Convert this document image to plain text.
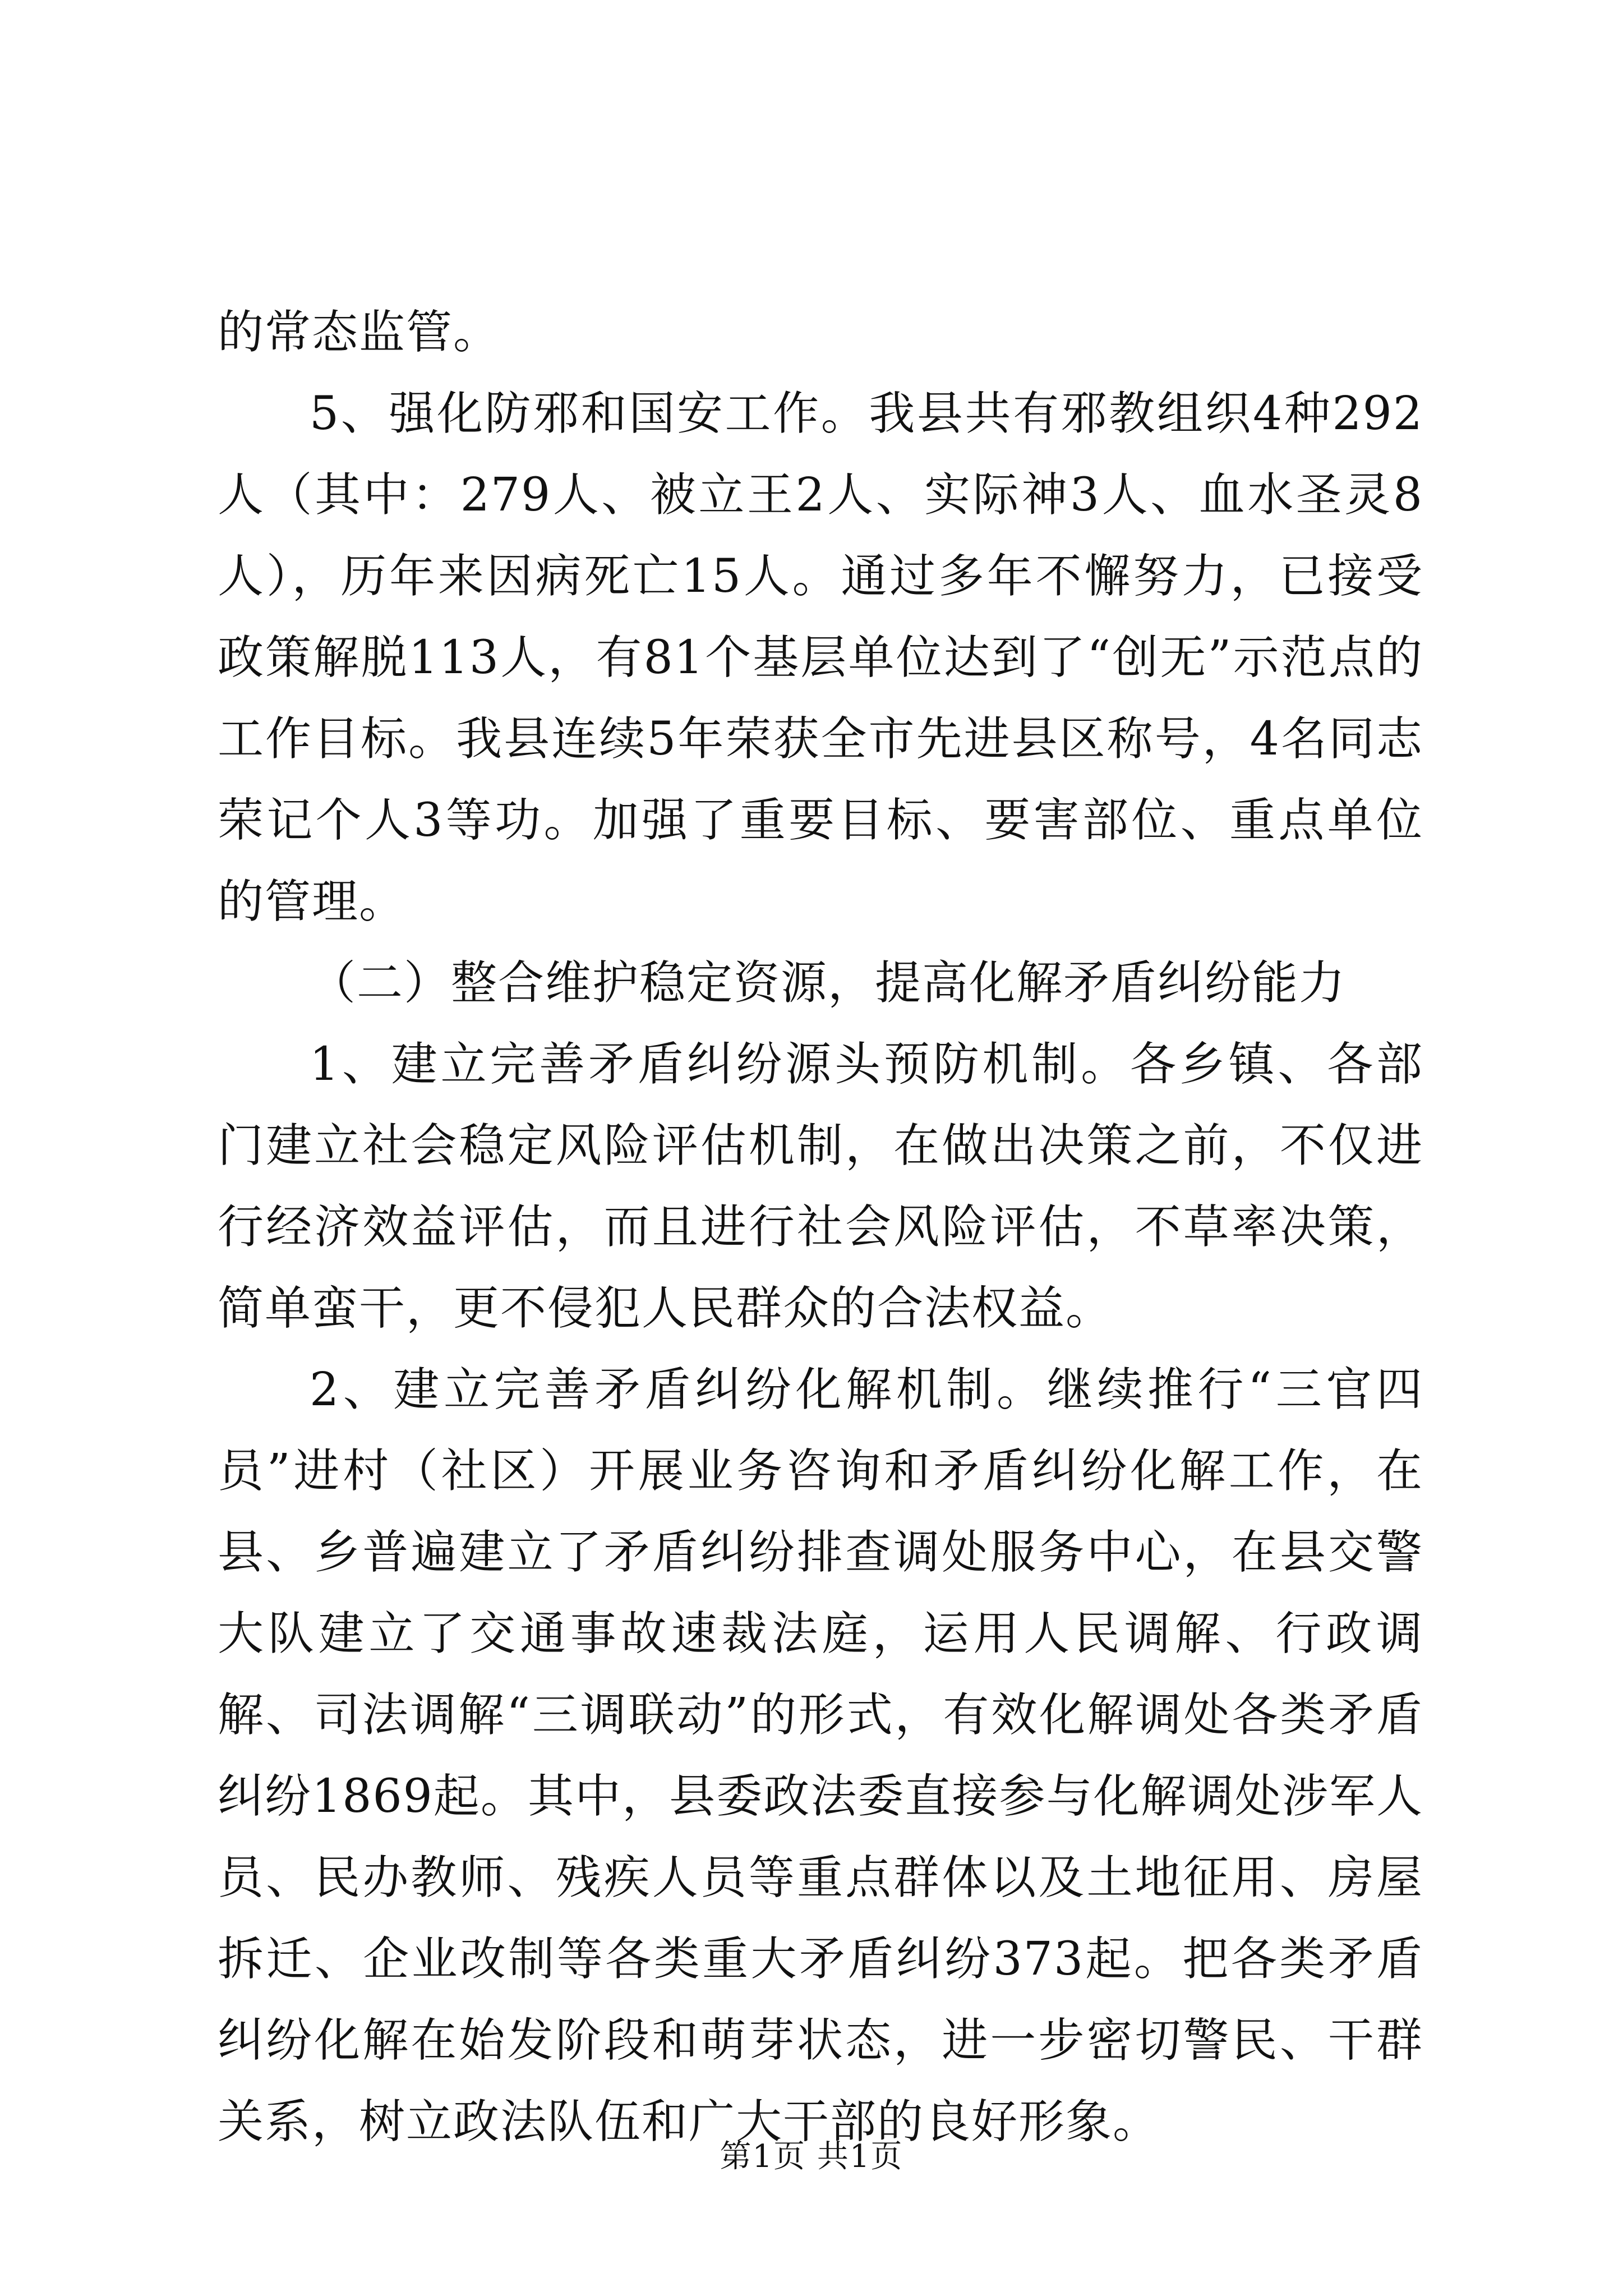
的常态监管。

5、强化防邪和国安工作。我县共有邪教组织4种292人（其中：279人、被立王2人、实际神3人、血水圣灵8人），历年来因病死亡15人。通过多年不懈努力，已接受政策解脱113人，有81个基层单位达到了“创无”示范点的工作目标。我县连续5年荣获全市先进县区称号，4名同志荣记个人3等功。加强了重要目标、要害部位、重点单位的管理。

（二）整合维护稳定资源，提高化解矛盾纠纷能力

1、建立完善矛盾纠纷源头预防机制。各乡镇、各部门建立社会稳定风险评估机制，在做出决策之前，不仅进行经济效益评估，而且进行社会风险评估，不草率决策，简单蛮干，更不侵犯人民群众的合法权益。

2、建立完善矛盾纠纷化解机制。继续推行“三官四员”进村（社区）开展业务咨询和矛盾纠纷化解工作，在县、乡普遍建立了矛盾纠纷排查调处服务中心，在县交警大队建立了交通事故速裁法庭，运用人民调解、行政调解、司法调解“三调联动”的形式，有效化解调处各类矛盾纠纷1869起。其中，县委政法委直接参与化解调处涉军人员、民办教师、残疾人员等重点群体以及土地征用、房屋拆迁、企业改制等各类重大矛盾纠纷373起。把各类矛盾纠纷化解在始发阶段和萌芽状态，进一步密切警民、干群关系，树立政法队伍和广大干部的良好形象。

第1页 共1页
